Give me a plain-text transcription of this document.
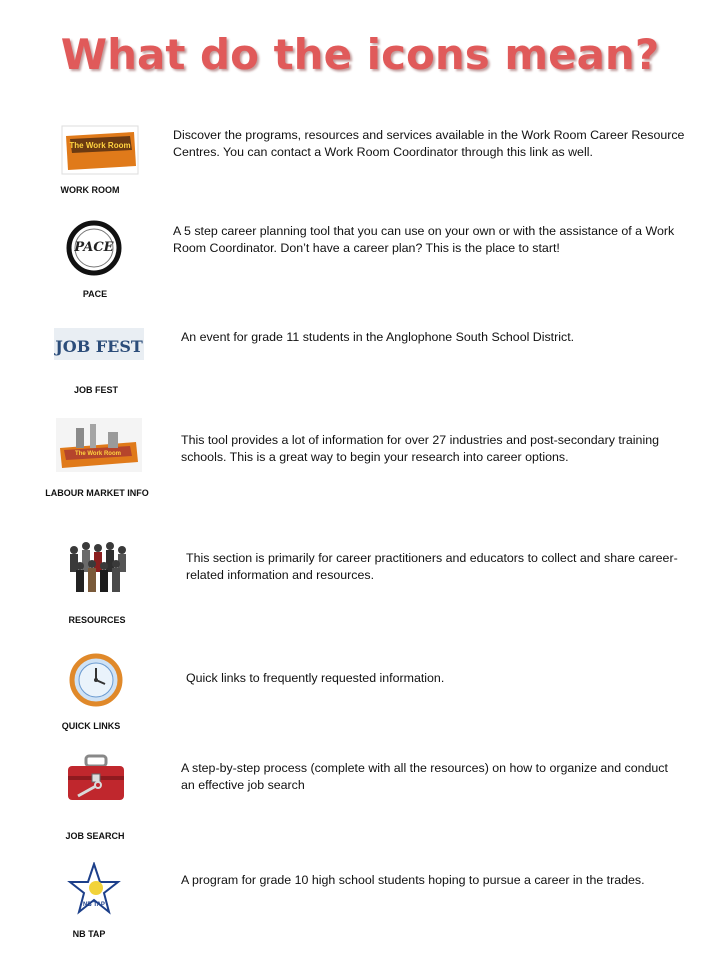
What do the icons mean?
The Work Room
WORK ROOM
Discover the programs, resources and services available in the Work Room Career Resource Centres. You can contact a Work Room Coordinator through this link as well.
PACE
PACE
A 5 step career planning tool that you can use on your own or with the assistance of a Work Room Coordinator. Don’t have a career plan? This is the place to start!
JOB FEST
JOB FEST
An event for grade 11 students in the Anglophone South School District.
The Work Room
LABOUR MARKET INFO
This tool provides a lot of information for over 27 industries and post-secondary training schools. This is a great way to begin your research into career options.
RESOURCES
This section is primarily for career practitioners and educators to collect and share career-related information and resources.
QUICK LINKS
Quick links to frequently requested information.
JOB SEARCH
A step-by-step process (complete with all the resources) on how to organize and conduct an effective job search
NB TAP
NB TAP
A program for grade 10 high school students hoping to pursue a career in the trades.
